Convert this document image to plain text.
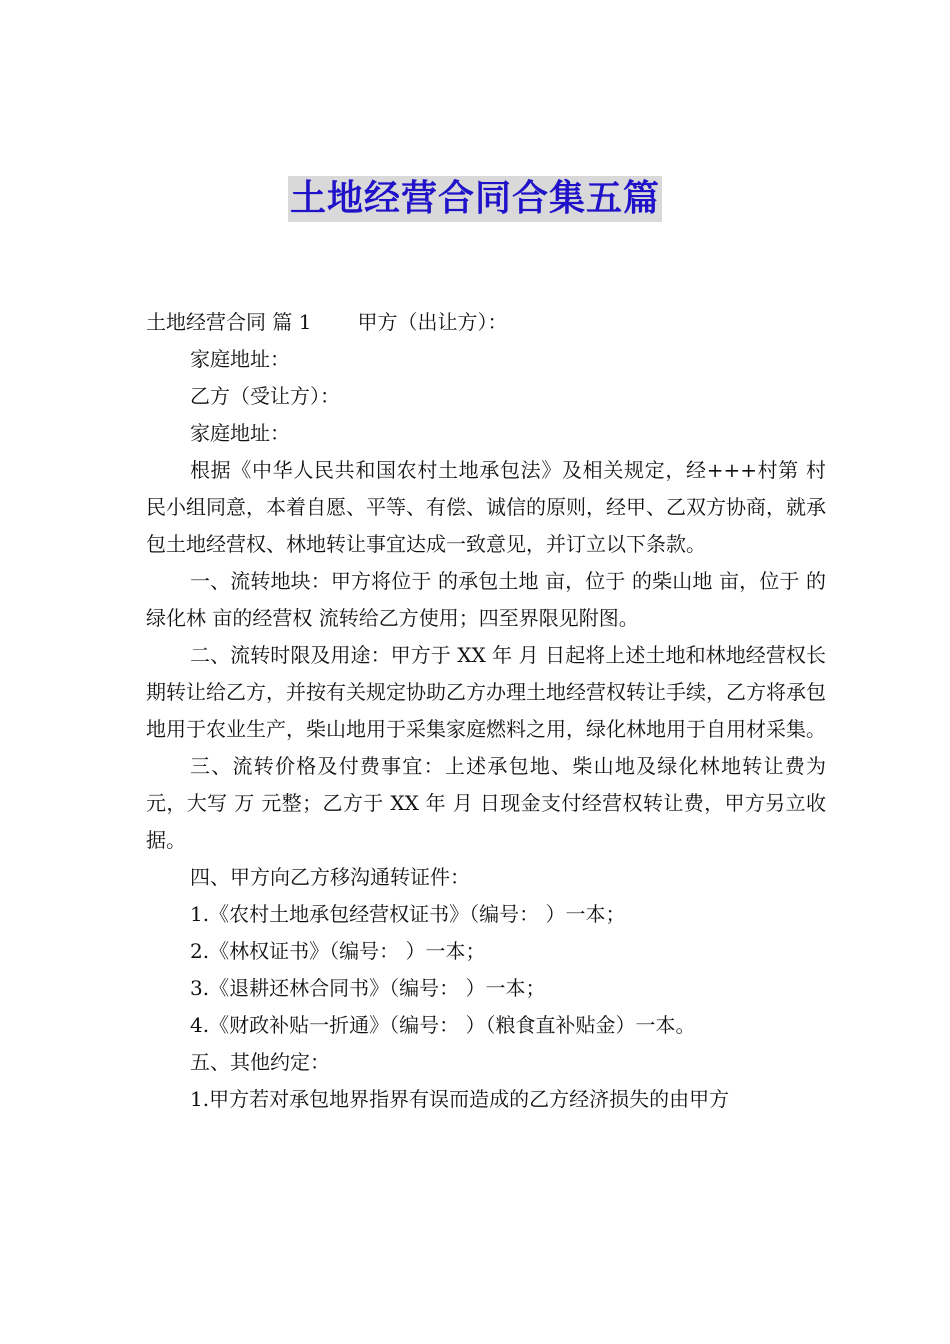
土地经营合同合集五篇

土地经营合同 篇 1 甲方（出让方）：

家庭地址：

乙方（受让方）：

家庭地址：

根据《中华人民共和国农村土地承包法》及相关规定，经+++村第 村民小组同意，本着自愿、平等、有偿、诚信的原则，经甲、乙双方协商，就承包土地经营权、林地转让事宜达成一致意见，并订立以下条款。

一、流转地块：甲方将位于 的承包土地 亩，位于 的柴山地 亩，位于 的绿化林 亩的经营权 流转给乙方使用；四至界限见附图。

二、流转时限及用途：甲方于 XX 年 月 日起将上述土地和林地经营权长期转让给乙方，并按有关规定协助乙方办理土地经营权转让手续，乙方将承包地用于农业生产，柴山地用于采集家庭燃料之用，绿化林地用于自用材采集。

三、流转价格及付费事宜：上述承包地、柴山地及绿化林地转让费为 元，大写 万 元整；乙方于 XX 年 月 日现金支付经营权转让费，甲方另立收据。

四、甲方向乙方移沟通转证件：

1.《农村土地承包经营权证书》（编号： ）一本；

2.《林权证书》（编号： ）一本；

3.《退耕还林合同书》（编号： ）一本；

4.《财政补贴一折通》（编号： ）（粮食直补贴金）一本。

五、其他约定：

1.甲方若对承包地界指界有误而造成的乙方经济损失的由甲方
